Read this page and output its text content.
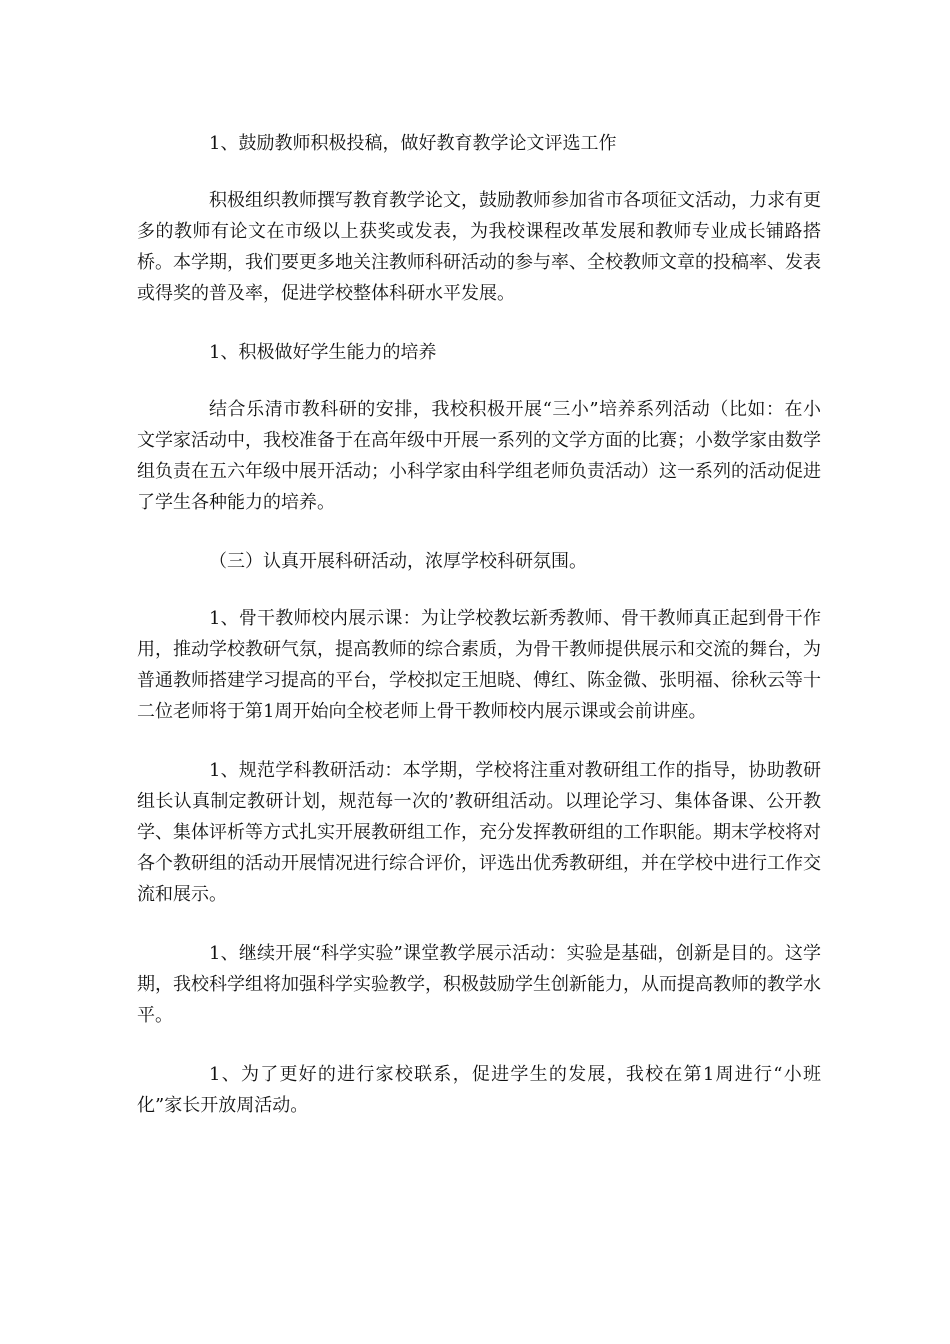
1、鼓励教师积极投稿，做好教育教学论文评选工作

积极组织教师撰写教育教学论文，鼓励教师参加省市各项征文活动，力求有更多的教师有论文在市级以上获奖或发表，为我校课程改革发展和教师专业成长铺路搭桥。本学期，我们要更多地关注教师科研活动的参与率、全校教师文章的投稿率、发表或得奖的普及率，促进学校整体科研水平发展。

1、积极做好学生能力的培养

结合乐清市教科研的安排，我校积极开展“三小”培养系列活动（比如：在小文学家活动中，我校准备于在高年级中开展一系列的文学方面的比赛；小数学家由数学组负责在五六年级中展开活动；小科学家由科学组老师负责活动）这一系列的活动促进了学生各种能力的培养。

（三）认真开展科研活动，浓厚学校科研氛围。

1、骨干教师校内展示课：为让学校教坛新秀教师、骨干教师真正起到骨干作用，推动学校教研气氛，提高教师的综合素质，为骨干教师提供展示和交流的舞台，为普通教师搭建学习提高的平台，学校拟定王旭晓、傅红、陈金微、张明福、徐秋云等十二位老师将于第1周开始向全校老师上骨干教师校内展示课或会前讲座。

1、规范学科教研活动：本学期，学校将注重对教研组工作的指导，协助教研组长认真制定教研计划，规范每一次的’教研组活动。以理论学习、集体备课、公开教学、集体评析等方式扎实开展教研组工作，充分发挥教研组的工作职能。期末学校将对各个教研组的活动开展情况进行综合评价，评选出优秀教研组，并在学校中进行工作交流和展示。

1、继续开展“科学实验”课堂教学展示活动：实验是基础，创新是目的。这学期，我校科学组将加强科学实验教学，积极鼓励学生创新能力，从而提高教师的教学水平。

1、为了更好的进行家校联系，促进学生的发展，我校在第1周进行“小班化”家长开放周活动。
